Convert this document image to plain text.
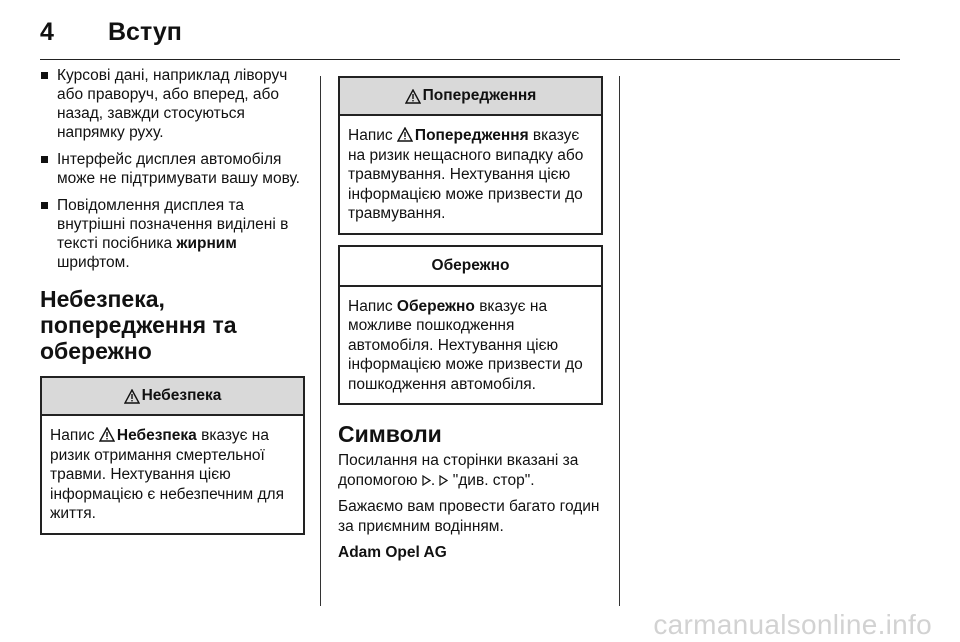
4	Вступ
Курсові дані, наприклад ліворуч або праворуч, або вперед, або назад, завжди стосуються напрямку руху.
Інтерфейс дисплея автомобіля може не підтримувати вашу мову.
Повідомлення дисплея та внутрішні позначення виділені в тексті посібника жирним шрифтом.
Небезпека, попередження та обережно
Небезпека
Напис Небезпека вказує на ризик отримання смертельної травми. Нехтування цією інформацією є небезпечним для життя.
Попередження
Напис Попередження вказує на ризик нещасного випадку або травмування. Нехтування цією інформацією може призвести до травмування.
Обережно
Напис Обережно вказує на можливе пошкодження автомобіля. Нехтування цією інформацією може призвести до пошкодження автомобіля.
Символи

Посилання на сторінки вказані за допомогою .  "див. стор".

Бажаємо вам провести багато годин за приємним водінням.

Adam Opel AG

carmanualsonline.info
